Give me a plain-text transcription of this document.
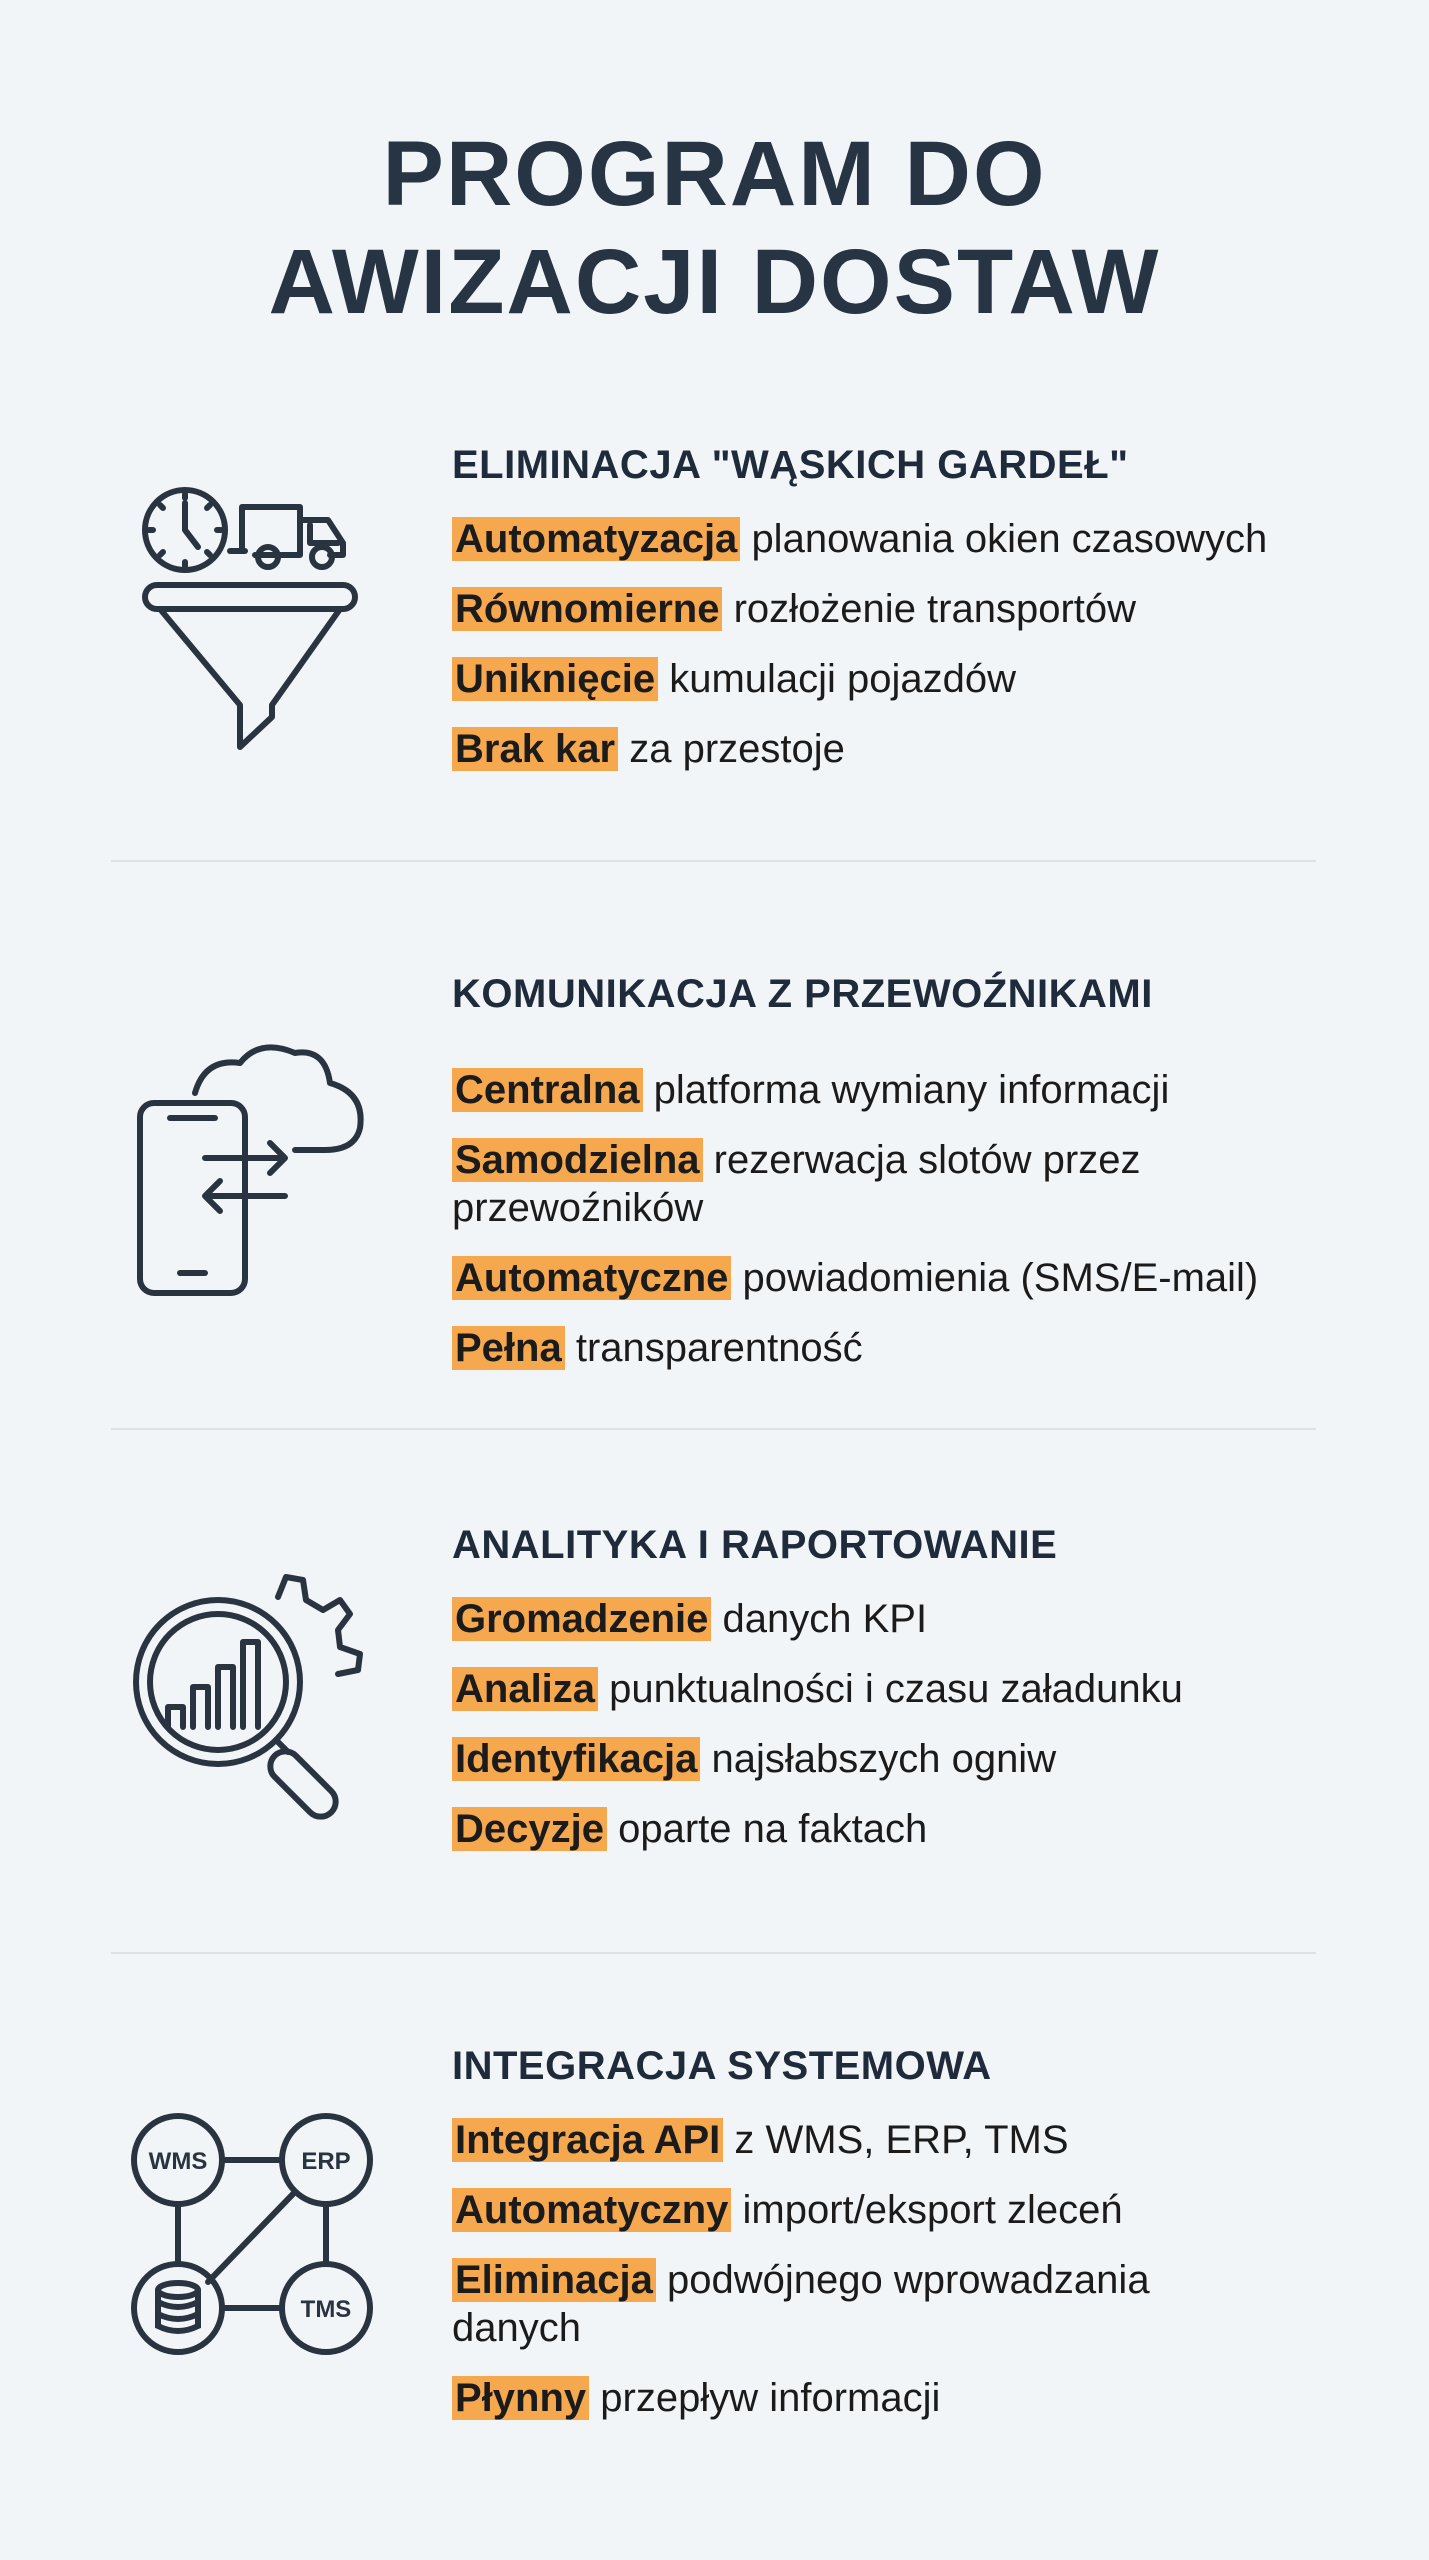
PROGRAM DO
AWIZACJI DOSTAW
ELIMINACJA "WĄSKICH GARDEŁ"
Automatyzacja planowania okien czasowych
Równomierne rozłożenie transportów
Uniknięcie kumulacji pojazdów
Brak kar za przestoje
KOMUNIKACJA Z PRZEWOŹNIKAMI
Centralna platforma wymiany informacji
Samodzielna rezerwacja slotów przez przewoźników
Automatyczne powiadomienia (SMS/E-mail)
Pełna transparentność
ANALITYKA I RAPORTOWANIE
Gromadzenie danych KPI
Analiza punktualności i czasu załadunku
Identyfikacja najsłabszych ogniw
Decyzje oparte na faktach
WMS	ERP
TMS
INTEGRACJA SYSTEMOWA
Integracja API z WMS, ERP, TMS
Automatyczny import/eksport zleceń
Eliminacja podwójnego wprowadzania danych
Płynny przepływ informacji
